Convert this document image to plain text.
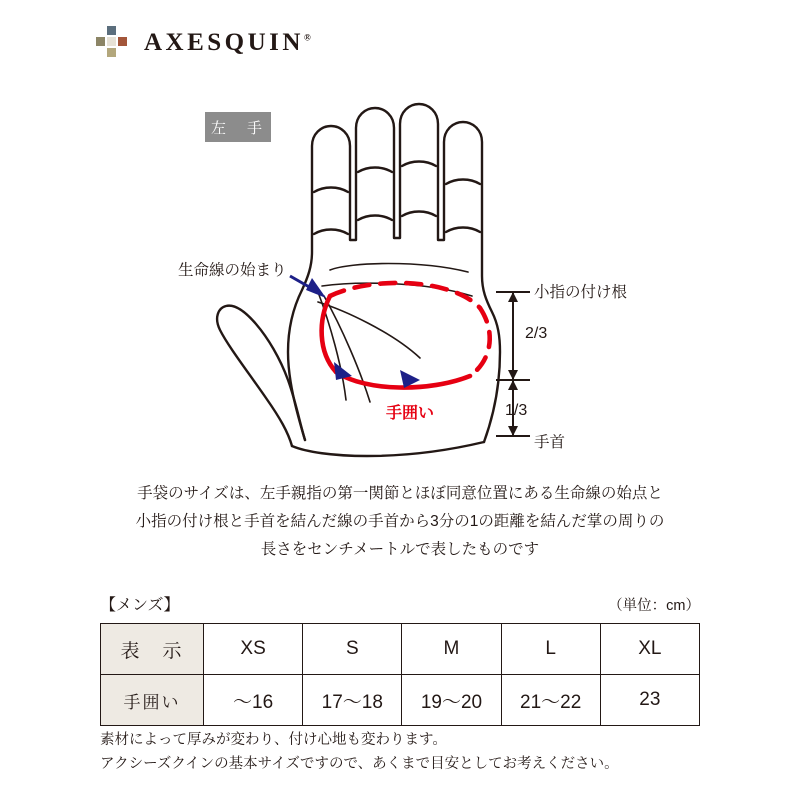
AXESQUIN®
左　手
生命線の始まり
小指の付け根
2/3
1/3
手首
手囲い
手袋のサイズは、左手親指の第一関節とほぼ同意位置にある生命線の始点と
小指の付け根と手首を結んだ線の手首から3分の1の距離を結んだ掌の周りの
長さをセンチメートルで表したものです
【メンズ】	（単位：cm）
表　示	XS	S	M	L	XL
手囲い	～16	17～18	19～20	21～22	23
素材によって厚みが変わり、付け心地も変わります。
アクシーズクインの基本サイズですので、あくまで目安としてお考えください。
